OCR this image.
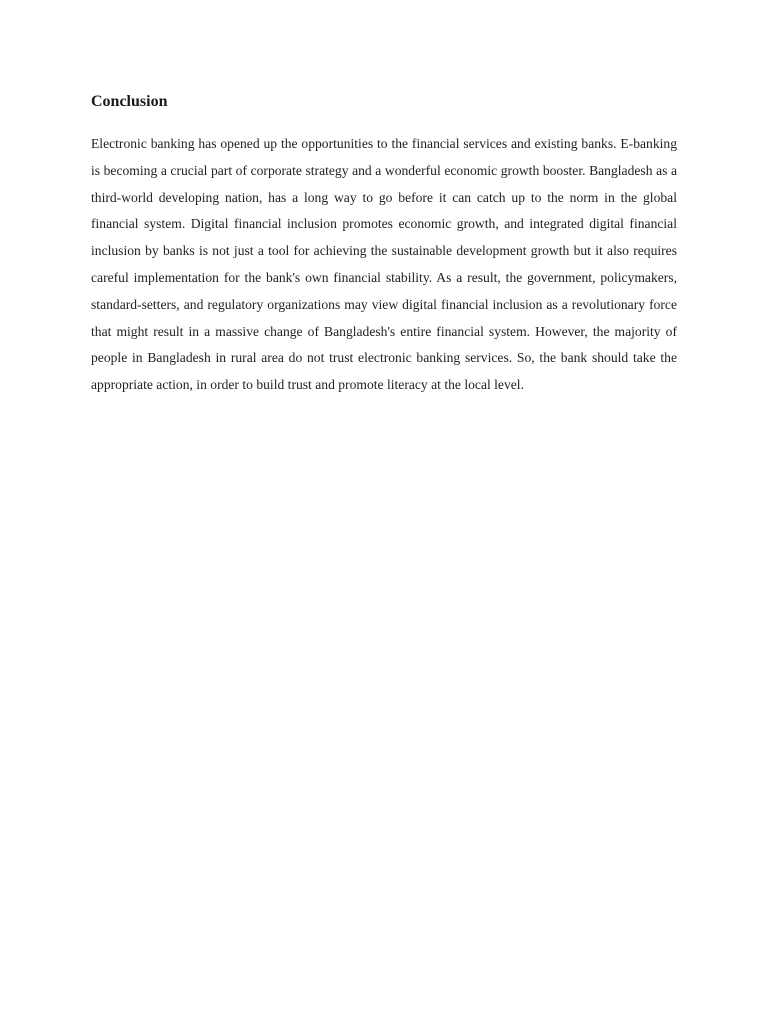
Conclusion

Electronic banking has opened up the opportunities to the financial services and existing banks. E-banking is becoming a crucial part of corporate strategy and a wonderful economic growth booster. Bangladesh as a third-world developing nation, has a long way to go before it can catch up to the norm in the global financial system. Digital financial inclusion promotes economic growth, and integrated digital financial inclusion by banks is not just a tool for achieving the sustainable development growth but it also requires careful implementation for the bank's own financial stability. As a result, the government, policymakers, standard-setters, and regulatory organizations may view digital financial inclusion as a revolutionary force that might result in a massive change of Bangladesh's entire financial system. However, the majority of people in Bangladesh in rural area do not trust electronic banking services. So, the bank should take the appropriate action, in order to build trust and promote literacy at the local level.
